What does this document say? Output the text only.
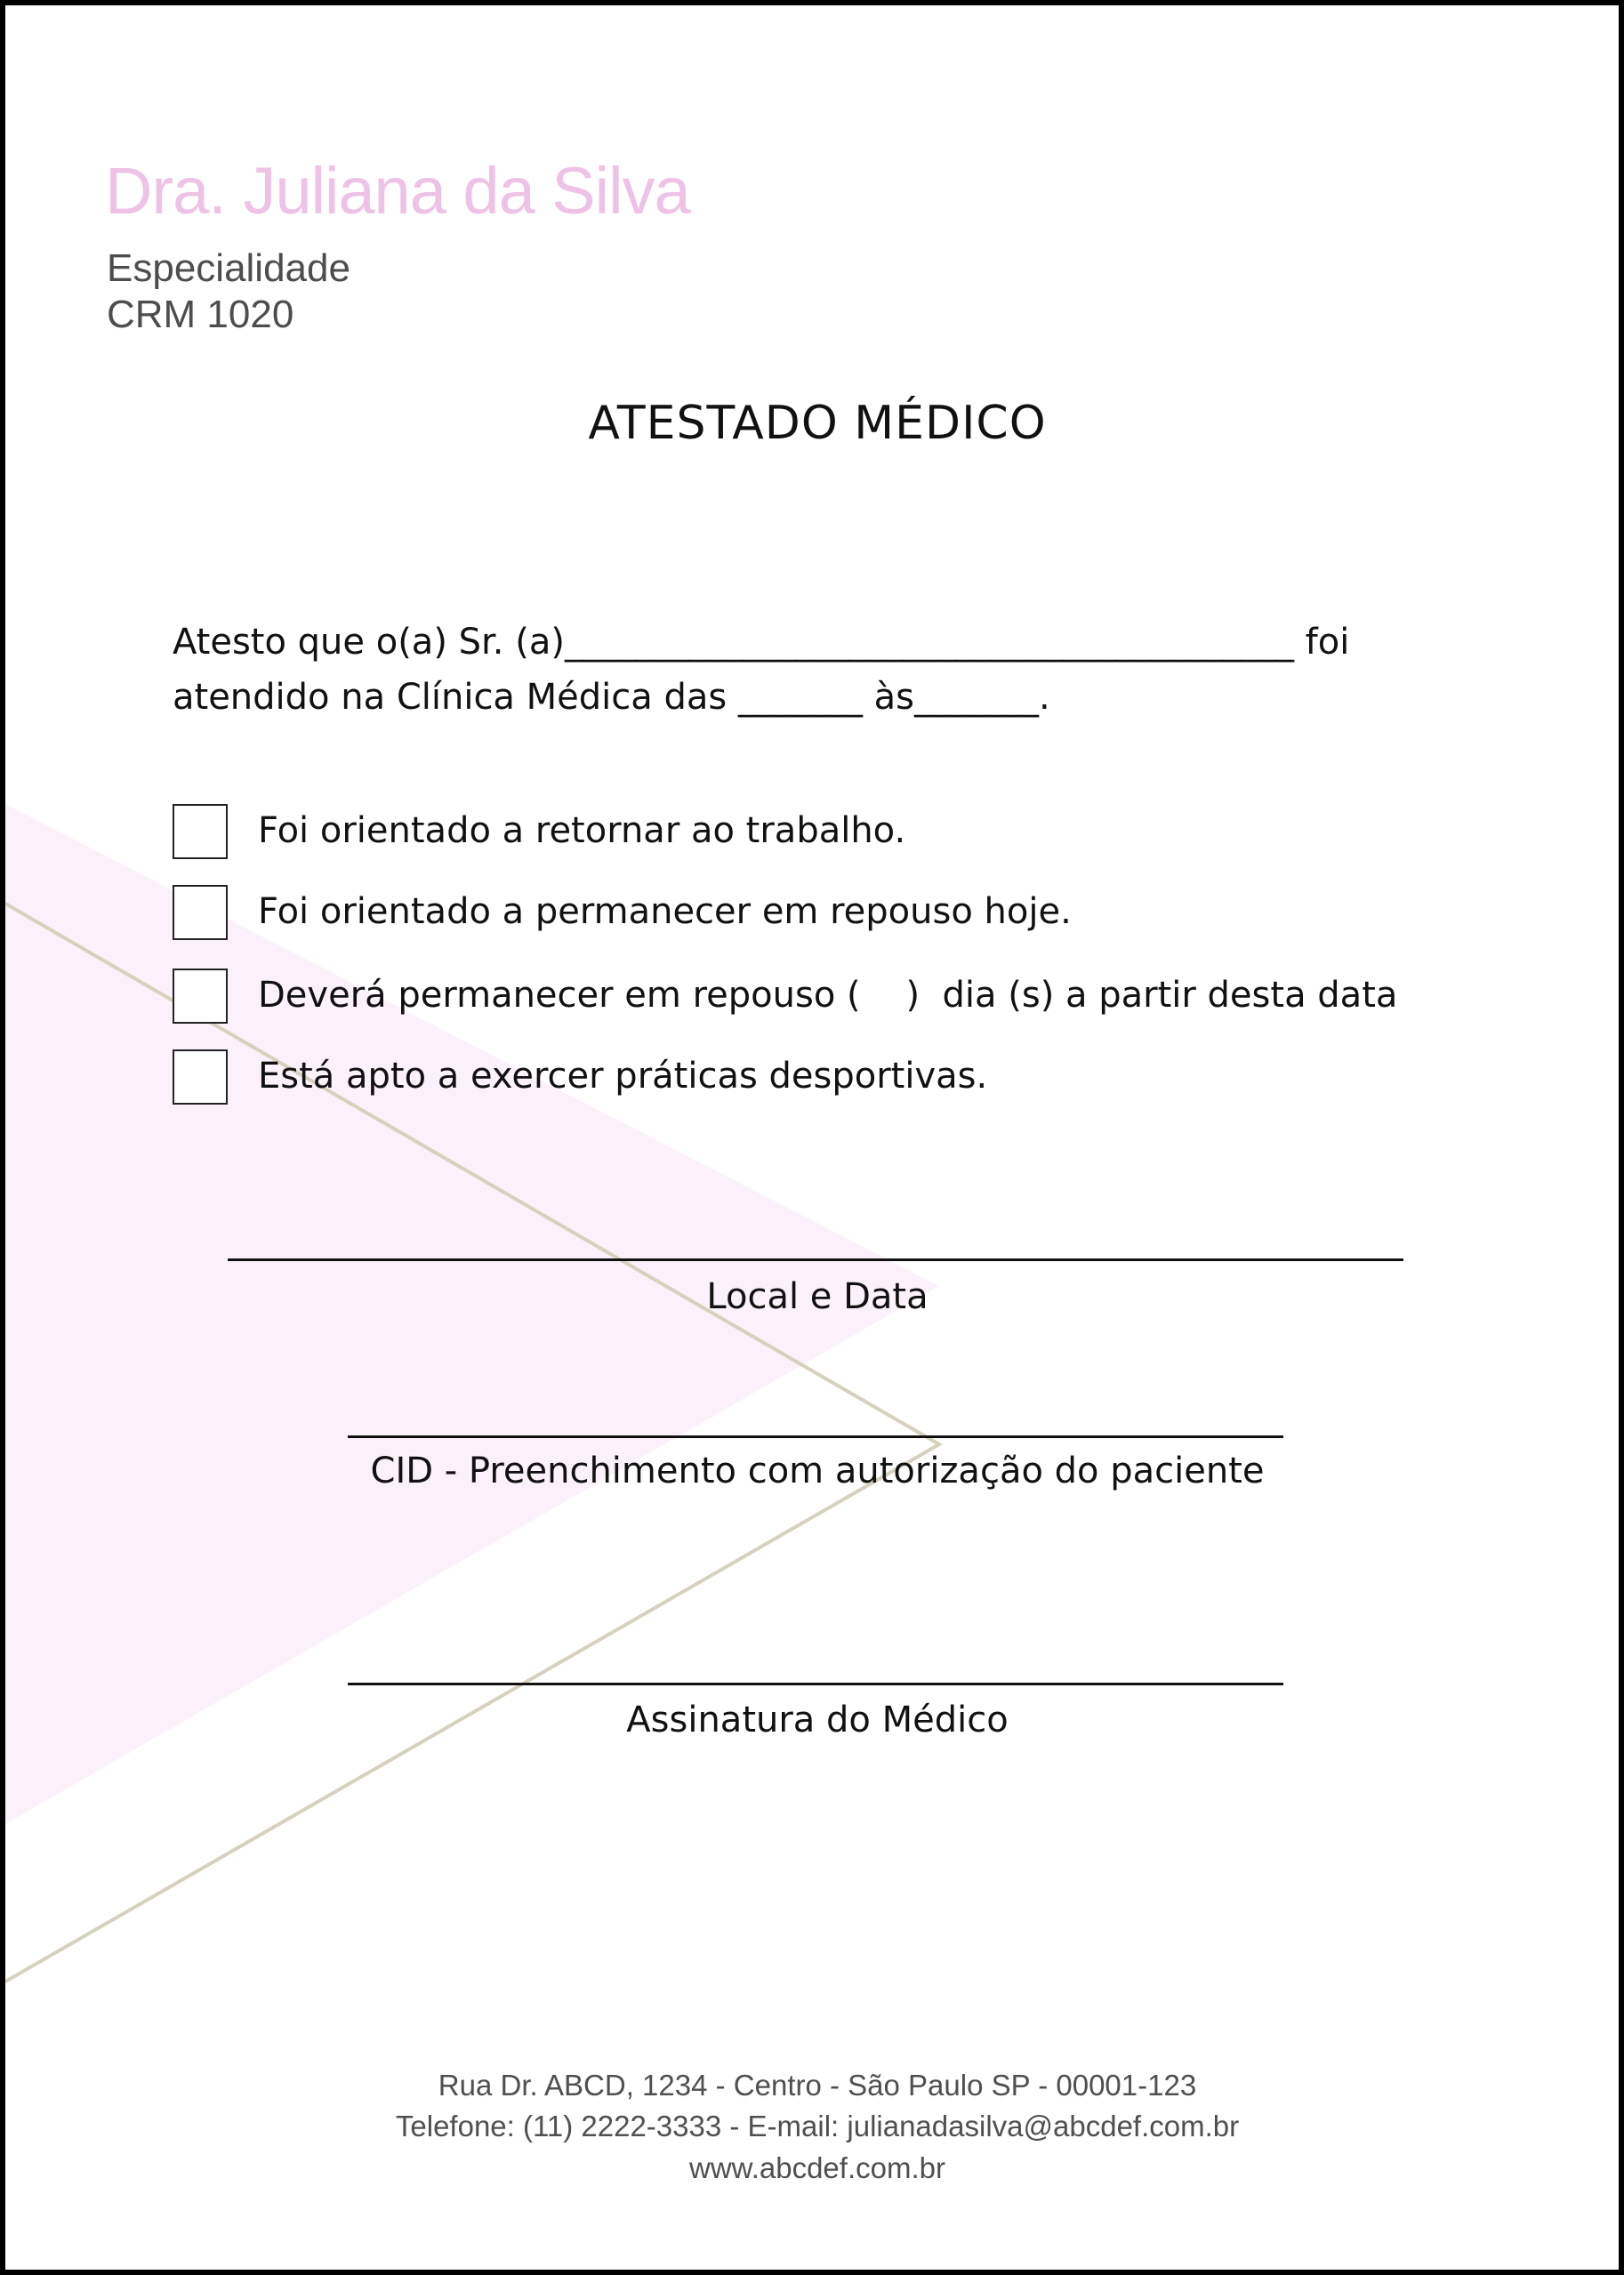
Dra. Juliana da Silva
Especialidade
CRM 1020
ATESTADO MÉDICO
Atesto que o(a) Sr. (a)_________________________________________ foi
atendido na Clínica Médica das _______ às_______.
Foi orientado a retornar ao trabalho.
Foi orientado a permanecer em repouso hoje.
Deverá permanecer em repouso (    )  dia (s) a partir desta data
Está apto a exercer práticas desportivas.
Local e Data
CID - Preenchimento com autorização do paciente
Assinatura do Médico
Rua Dr. ABCD, 1234 - Centro - São Paulo SP - 00001-123
Telefone: (11) 2222-3333 - E-mail: julianadasilva@abcdef.com.br
www.abcdef.com.br
